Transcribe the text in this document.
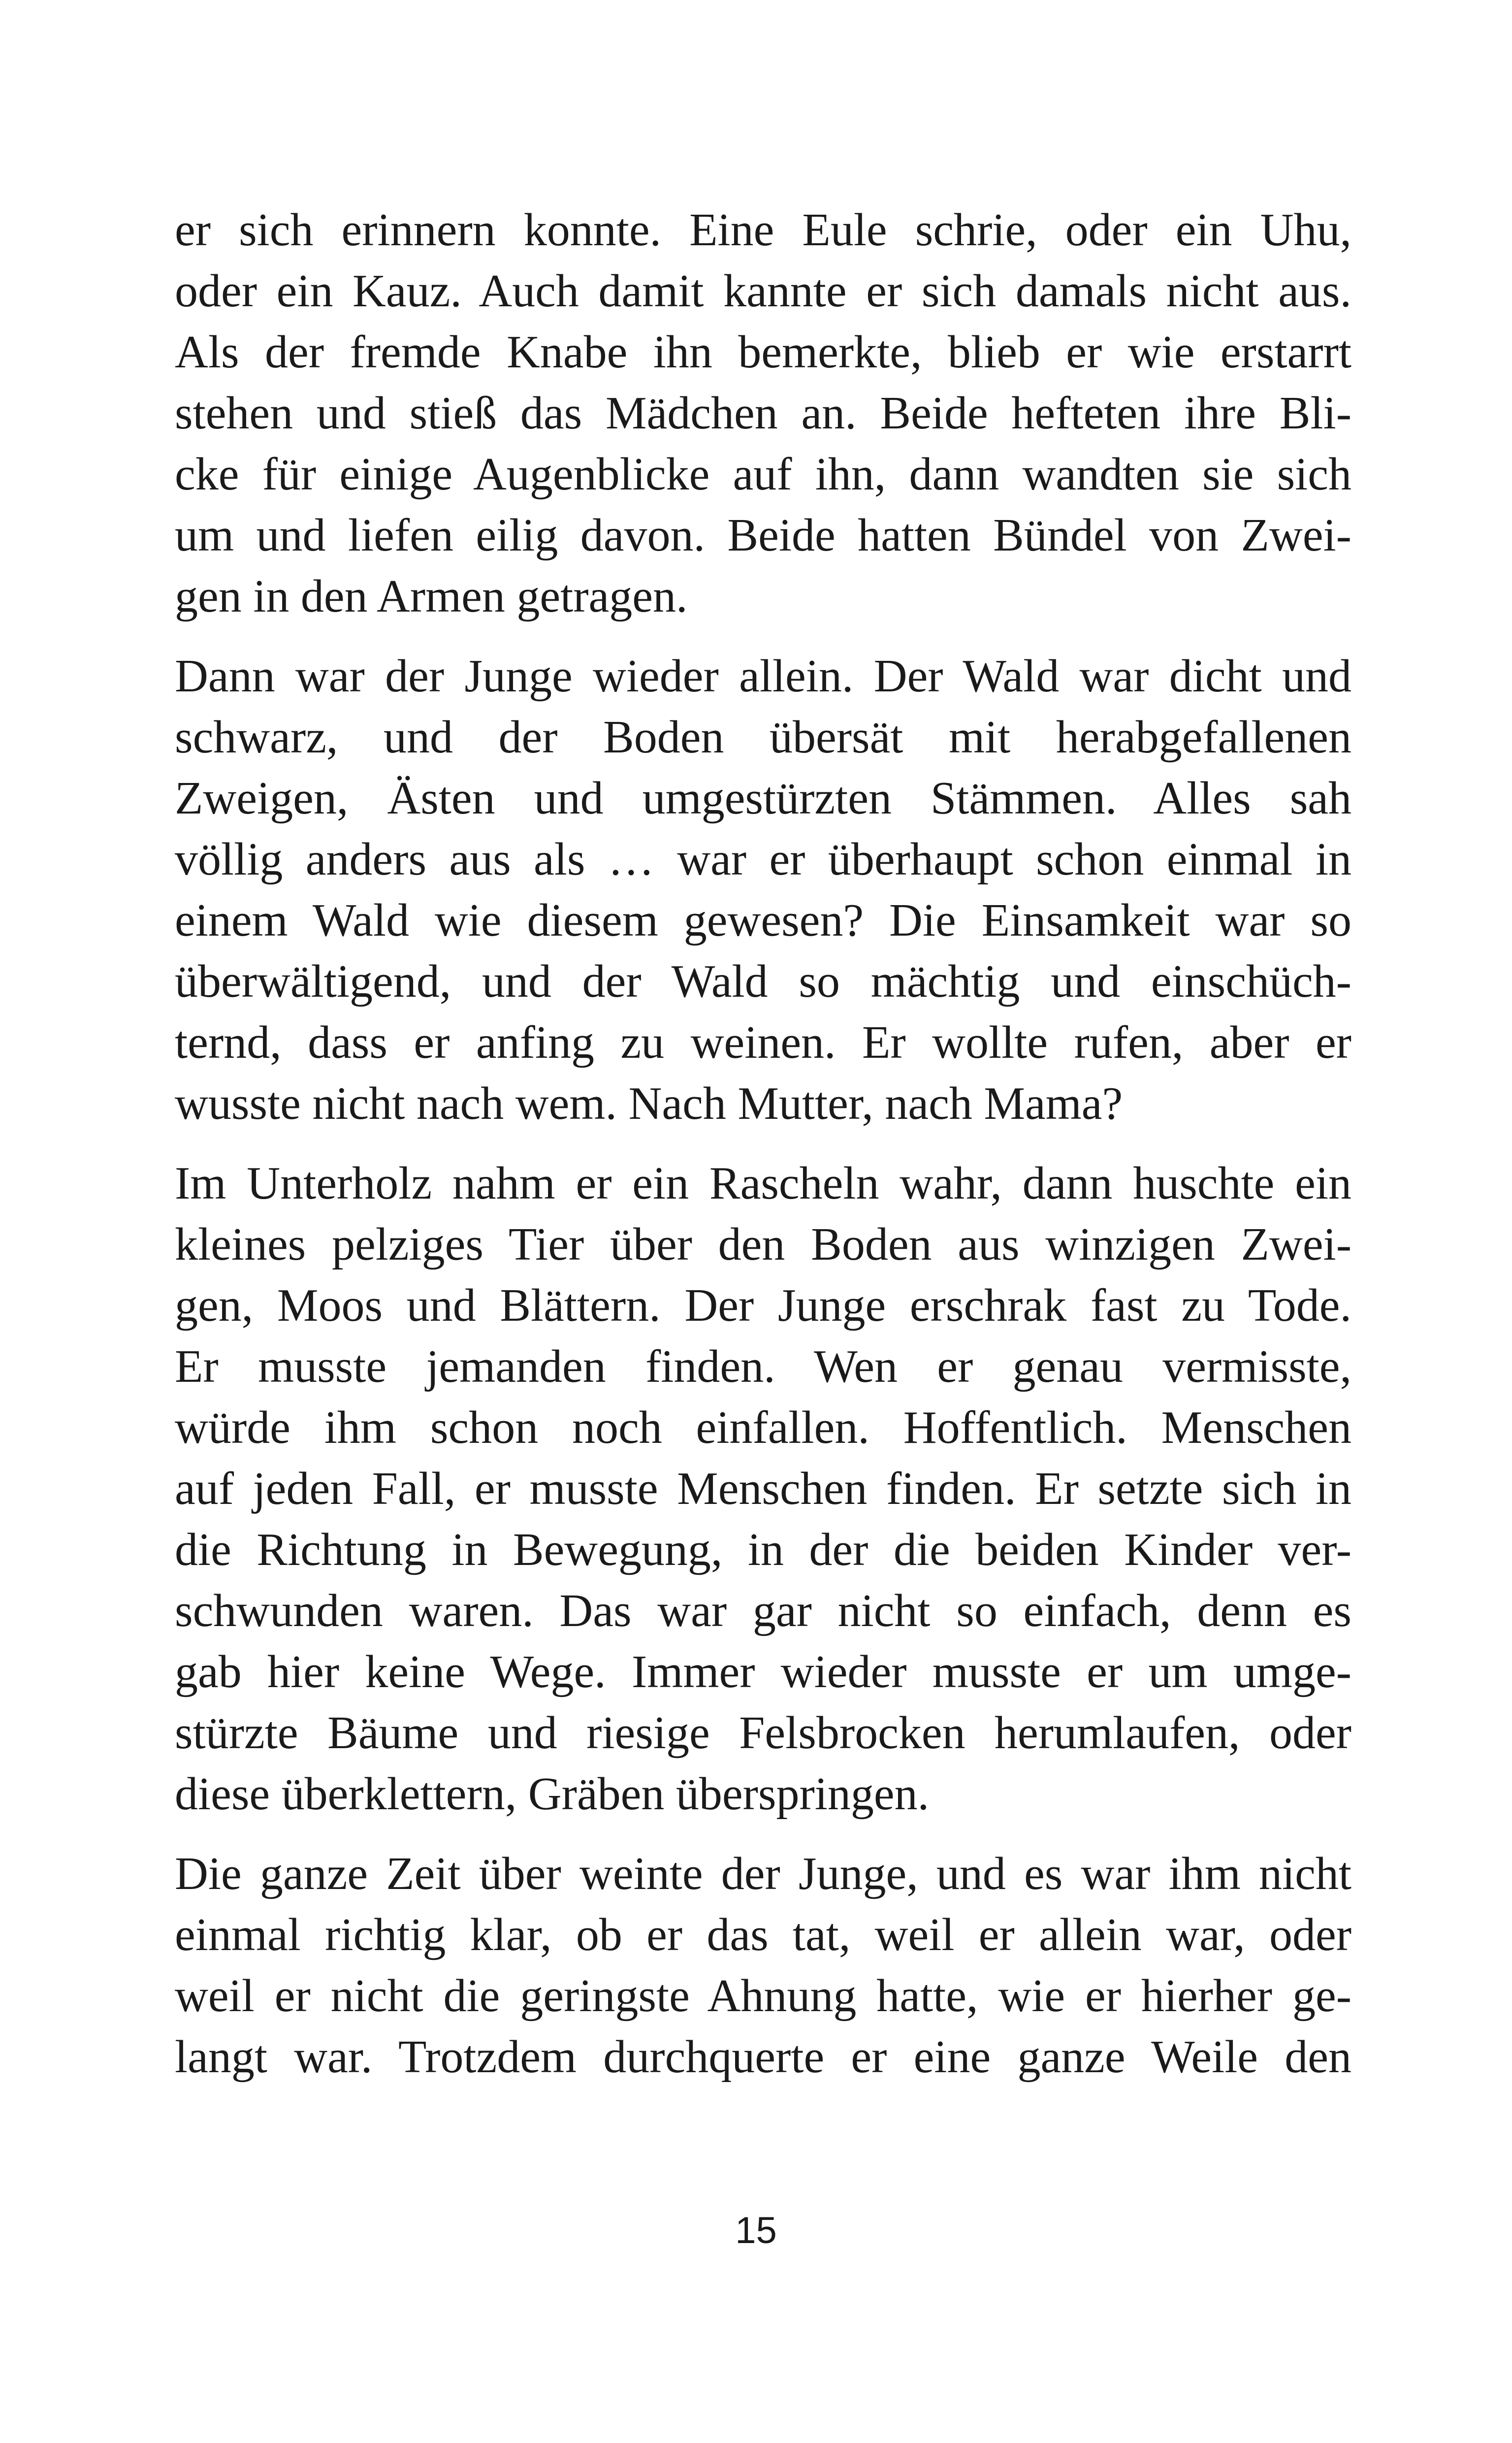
er sich erinnern konnte. Eine Eule schrie, oder ein Uhu,
oder ein Kauz. Auch damit kannte er sich damals nicht aus.
Als der fremde Knabe ihn bemerkte, blieb er wie erstarrt
stehen und stieß das Mädchen an. Beide hefteten ihre Bli-
cke für einige Augenblicke auf ihn, dann wandten sie sich
um und liefen eilig davon. Beide hatten Bündel von Zwei-
gen in den Armen getragen.
Dann war der Junge wieder allein. Der Wald war dicht und
schwarz, und der Boden übersät mit herabgefallenen
Zweigen, Ästen und umgestürzten Stämmen. Alles sah
völlig anders aus als … war er überhaupt schon einmal in
einem Wald wie diesem gewesen? Die Einsamkeit war so
überwältigend, und der Wald so mächtig und einschüch-
ternd, dass er anfing zu weinen. Er wollte rufen, aber er
wusste nicht nach wem. Nach Mutter, nach Mama?
Im Unterholz nahm er ein Rascheln wahr, dann huschte ein
kleines pelziges Tier über den Boden aus winzigen Zwei-
gen, Moos und Blättern. Der Junge erschrak fast zu Tode.
Er musste jemanden finden. Wen er genau vermisste,
würde ihm schon noch einfallen. Hoffentlich. Menschen
auf jeden Fall, er musste Menschen finden. Er setzte sich in
die Richtung in Bewegung, in der die beiden Kinder ver-
schwunden waren. Das war gar nicht so einfach, denn es
gab hier keine Wege. Immer wieder musste er um umge-
stürzte Bäume und riesige Felsbrocken herumlaufen, oder
diese überklettern, Gräben überspringen.
Die ganze Zeit über weinte der Junge, und es war ihm nicht
einmal richtig klar, ob er das tat, weil er allein war, oder
weil er nicht die geringste Ahnung hatte, wie er hierher ge-
langt war. Trotzdem durchquerte er eine ganze Weile den
15
